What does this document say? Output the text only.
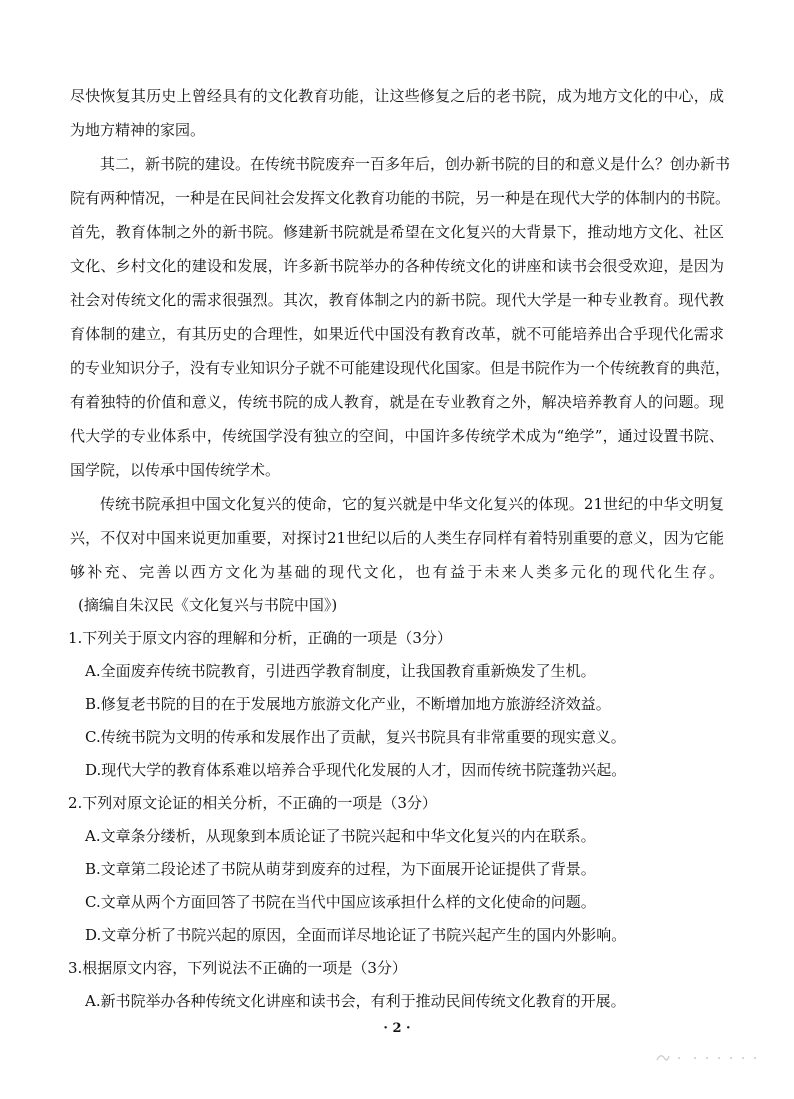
尽快恢复其历史上曾经具有的文化教育功能，让这些修复之后的老书院，成为地方文化的中心，成
为地方精神的家园。
其二，新书院的建设。在传统书院废弃一百多年后，创办新书院的目的和意义是什么？创办新书
院有两种情况，一种是在民间社会发挥文化教育功能的书院，另一种是在现代大学的体制内的书院。
首先，教育体制之外的新书院。修建新书院就是希望在文化复兴的大背景下，推动地方文化、社区
文化、乡村文化的建设和发展，许多新书院举办的各种传统文化的讲座和读书会很受欢迎，是因为
社会对传统文化的需求很强烈。其次，教育体制之内的新书院。现代大学是一种专业教育。现代教
育体制的建立，有其历史的合理性，如果近代中国没有教育改革，就不可能培养出合乎现代化需求
的专业知识分子，没有专业知识分子就不可能建设现代化国家。但是书院作为一个传统教育的典范，
有着独特的价值和意义，传统书院的成人教育，就是在专业教育之外，解决培养教育人的问题。现
代大学的专业体系中，传统国学没有独立的空间，中国许多传统学术成为“绝学”，通过设置书院、
国学院，以传承中国传统学术。
传统书院承担中国文化复兴的使命，它的复兴就是中华文化复兴的体现。21世纪的中华文明复
兴，不仅对中国来说更加重要，对探讨21世纪以后的人类生存同样有着特别重要的意义，因为它能
够补充、完善以西方文化为基础的现代文化，也有益于未来人类多元化的现代化生存。
(摘编自朱汉民《文化复兴与书院中国》)
1.下列关于原文内容的理解和分析，正确的一项是（3分）
A.全面废弃传统书院教育，引进西学教育制度，让我国教育重新焕发了生机。
B.修复老书院的目的在于发展地方旅游文化产业，不断增加地方旅游经济效益。
C.传统书院为文明的传承和发展作出了贡献，复兴书院具有非常重要的现实意义。
D.现代大学的教育体系难以培养合乎现代化发展的人才，因而传统书院蓬勃兴起。
2.下列对原文论证的相关分析，不正确的一项是（3分）
A.文章条分缕析，从现象到本质论证了书院兴起和中华文化复兴的内在联系。
B.文章第二段论述了书院从萌芽到废弃的过程，为下面展开论证提供了背景。
C.文章从两个方面回答了书院在当代中国应该承担什么样的文化使命的问题。
D.文章分析了书院兴起的原因，全面而详尽地论证了书院兴起产生的国内外影响。
3.根据原文内容，下列说法不正确的一项是（3分）
A.新书院举办各种传统文化讲座和读书会，有利于推动民间传统文化教育的开展。
· 2 ·
